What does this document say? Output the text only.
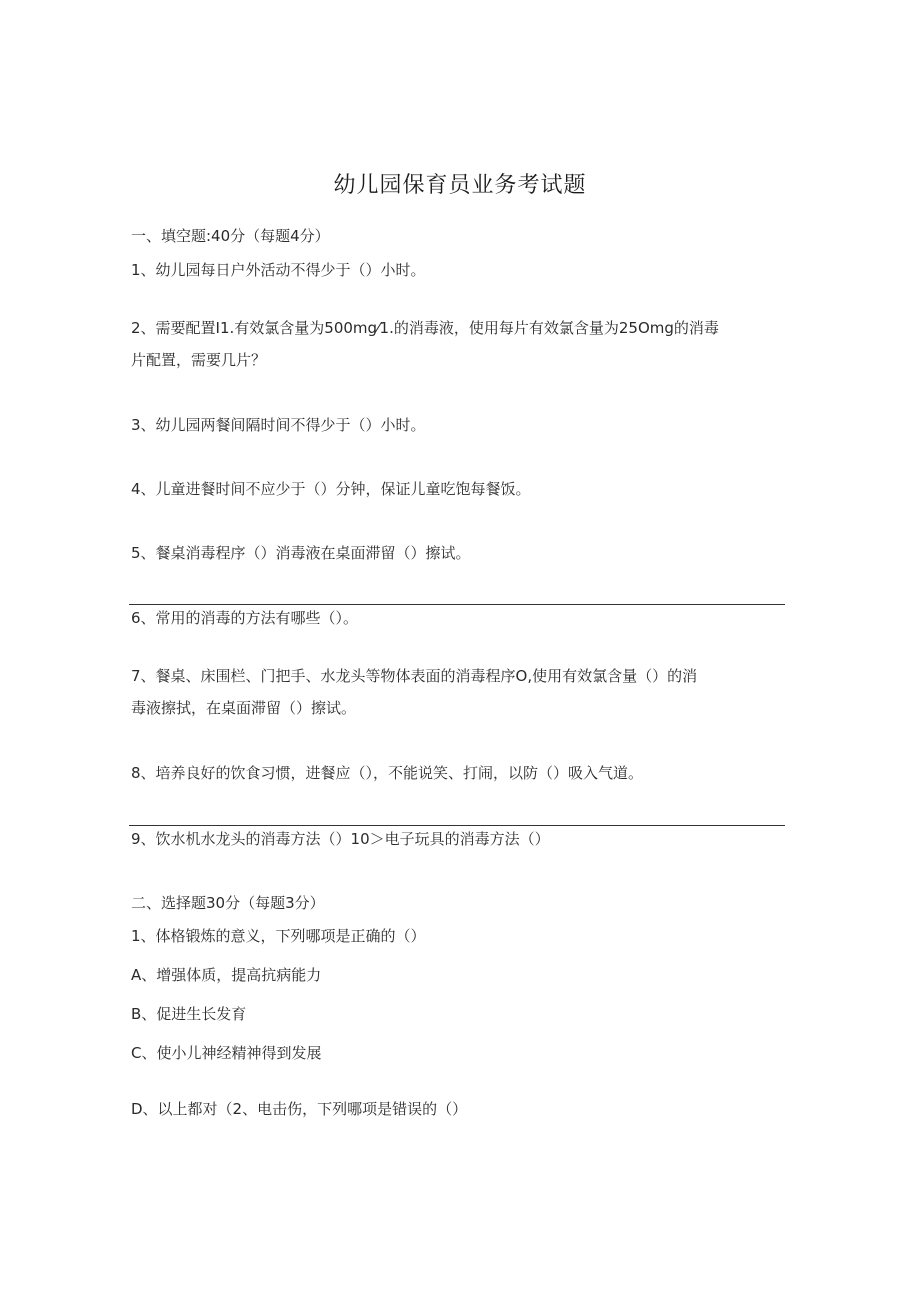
幼儿园保育员业务考试题
一、填空题:40分（每题4分）
1、幼儿园每日户外活动不得少于（）小时。
2、需要配置I1.有效氯含量为500mg⁄1.的消毒液，使用每片有效氯含量为25Omg的消毒
片配置，需要几片？
3、幼儿园两餐间隔时间不得少于（）小时。
4、儿童进餐时间不应少于（）分钟，保证儿童吃饱每餐饭。
5、餐桌消毒程序（）消毒液在桌面滞留（）擦试。
6、常用的消毒的方法有哪些（）。
7、餐桌、床围栏、门把手、水龙头等物体表面的消毒程序O,使用有效氯含量（）的消
毒液擦拭，在桌面滞留（）擦试。
8、培养良好的饮食习惯，进餐应（），不能说笑、打闹，以防（）吸入气道。
9、饮水机水龙头的消毒方法（）10＞电子玩具的消毒方法（）
二、选择题30分（每题3分）
1、体格锻炼的意义，下列哪项是正确的（）
A、增强体质，提高抗病能力
B、促进生长发育
C、使小儿神经精神得到发展
D、以上都对（2、电击伤，下列哪项是错误的（）
